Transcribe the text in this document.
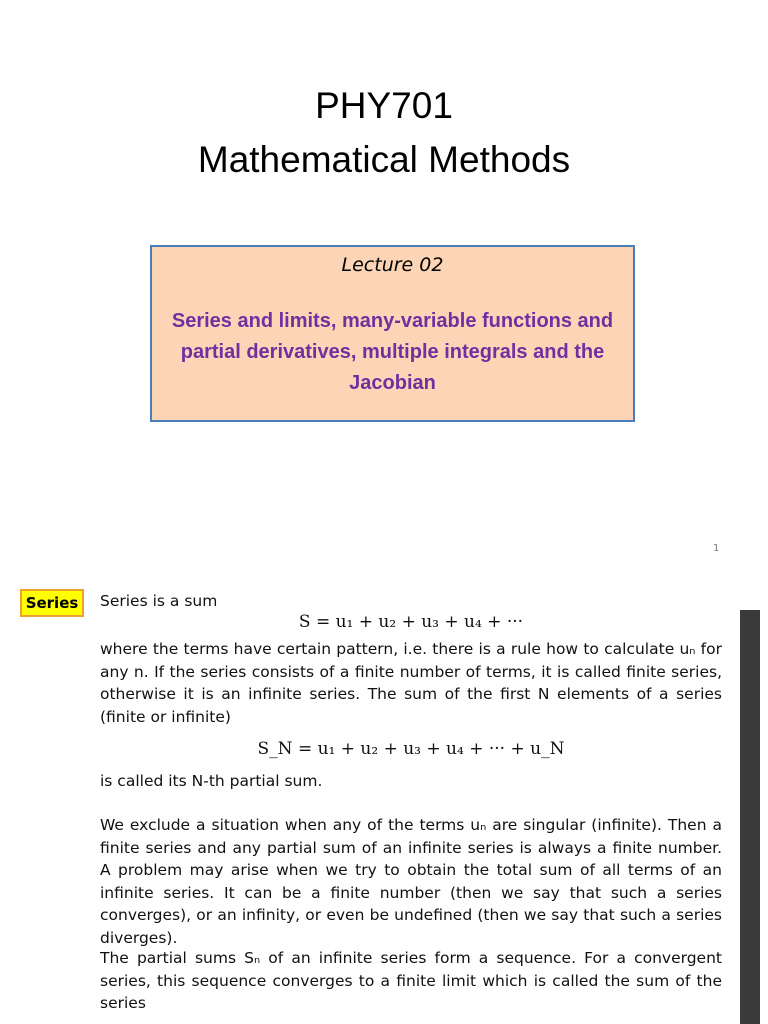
PHY701
Mathematical Methods
Lecture 02
Series and limits, many-variable functions and partial derivatives, multiple integrals and the Jacobian
1
Series	Series is a sum
S = u₁ + u₂ + u₃ + u₄ + ···
where the terms have certain pattern, i.e. there is a rule how to calculate uₙ for any n. If the series consists of a finite number of terms, it is called finite series, otherwise it is an infinite series. The sum of the first N elements of a series (finite or infinite)
S_N = u₁ + u₂ + u₃ + u₄ + ··· + u_N
is called its N-th partial sum.
We exclude a situation when any of the terms uₙ are singular (infinite). Then a finite series and any partial sum of an infinite series is always a finite number. A problem may arise when we try to obtain the total sum of all terms of an infinite series. It can be a finite number (then we say that such a series converges), or an infinity, or even be undefined (then we say that such a series diverges).
The partial sums Sₙ of an infinite series form a sequence. For a convergent series, this sequence converges to a finite limit which is called the sum of the series
